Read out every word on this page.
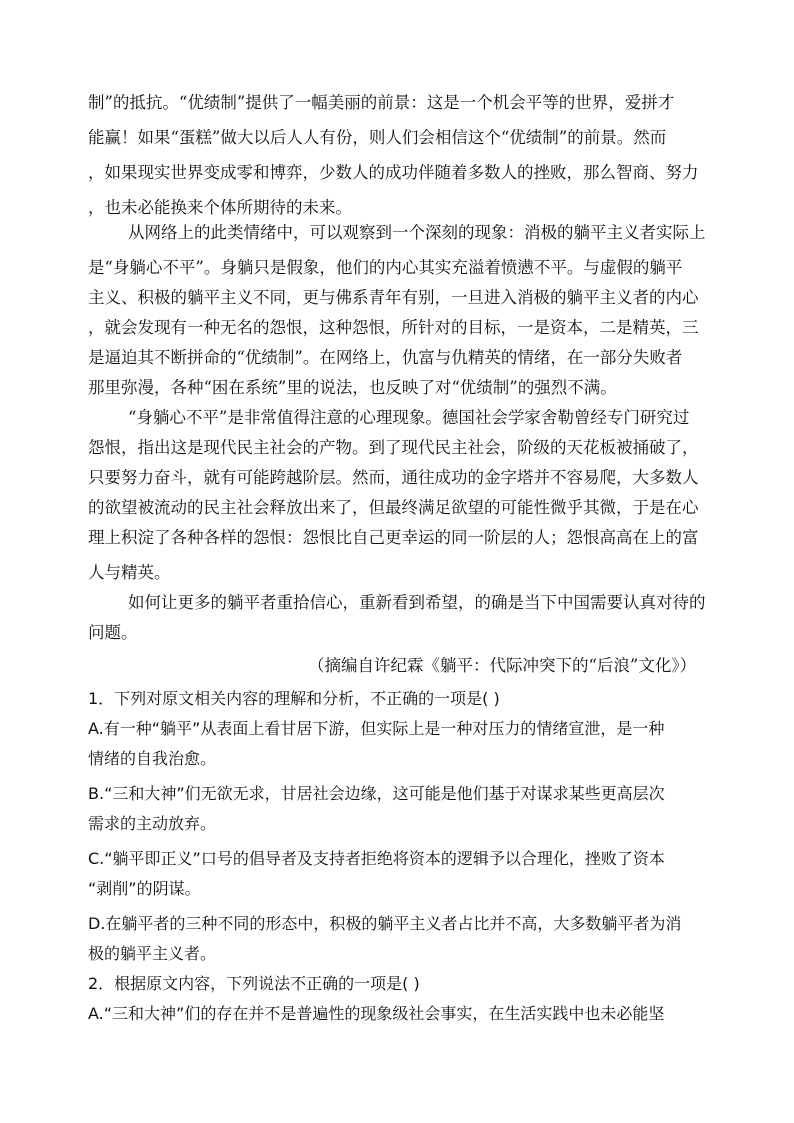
制”的抵抗。“优绩制”提供了一幅美丽的前景：这是一个机会平等的世界，爱拼才
能赢！如果“蛋糕”做大以后人人有份，则人们会相信这个“优绩制”的前景。然而
，如果现实世界变成零和博弈，少数人的成功伴随着多数人的挫败，那么智商、努力
，也未必能换来个体所期待的未来。
从网络上的此类情绪中，可以观察到一个深刻的现象：消极的躺平主义者实际上
是“身躺心不平”。身躺只是假象，他们的内心其实充溢着愤懑不平。与虚假的躺平
主义、积极的躺平主义不同，更与佛系青年有别，一旦进入消极的躺平主义者的内心
，就会发现有一种无名的怨恨，这种怨恨，所针对的目标，一是资本，二是精英，三
是逼迫其不断拼命的“优绩制”。在网络上，仇富与仇精英的情绪，在一部分失败者
那里弥漫，各种“困在系统”里的说法，也反映了对“优绩制”的强烈不满。
“身躺心不平”是非常值得注意的心理现象。德国社会学家舍勒曾经专门研究过
怨恨，指出这是现代民主社会的产物。到了现代民主社会，阶级的天花板被捅破了，
只要努力奋斗，就有可能跨越阶层。然而，通往成功的金字塔并不容易爬，大多数人
的欲望被流动的民主社会释放出来了，但最终满足欲望的可能性微乎其微，于是在心
理上积淀了各种各样的怨恨：怨恨比自己更幸运的同一阶层的人；怨恨高高在上的富
人与精英。
如何让更多的躺平者重拾信心，重新看到希望，的确是当下中国需要认真对待的
问题。
（摘编自许纪霖《躺平：代际冲突下的“后浪”文化》）
1．下列对原文相关内容的理解和分析，不正确的一项是( )
A.有一种“躺平”从表面上看甘居下游，但实际上是一种对压力的情绪宣泄，是一种
情绪的自我治愈。
B.“三和大神”们无欲无求，甘居社会边缘，这可能是他们基于对谋求某些更高层次
需求的主动放弃。
C.“躺平即正义”口号的倡导者及支持者拒绝将资本的逻辑予以合理化，挫败了资本
“剥削”的阴谋。
D.在躺平者的三种不同的形态中，积极的躺平主义者占比并不高，大多数躺平者为消
极的躺平主义者。
2．根据原文内容，下列说法不正确的一项是( )
A.“三和大神”们的存在并不是普遍性的现象级社会事实，在生活实践中也未必能坚
